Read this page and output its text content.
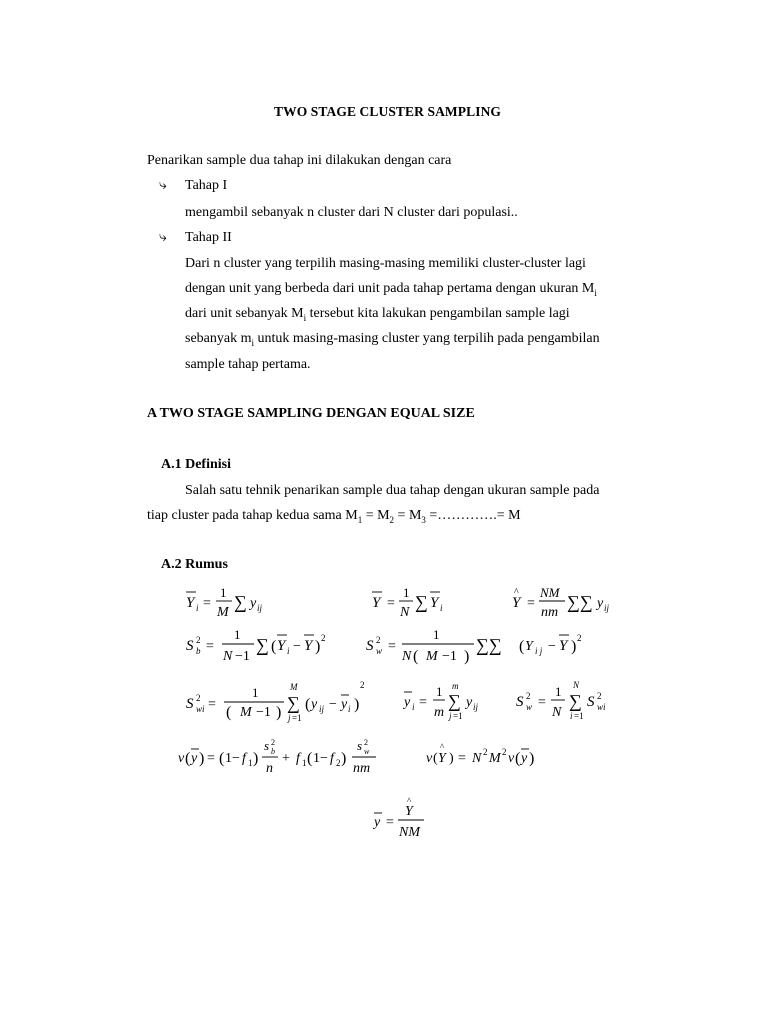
TWO STAGE CLUSTER SAMPLING
Penarikan sample dua tahap ini dilakukan dengan cara
⤷ Tahap I
mengambil sebanyak n cluster dari N cluster dari populasi..
⤷ Tahap II
Dari n cluster yang terpilih masing-masing memiliki cluster-cluster lagi
dengan unit yang berbeda dari unit pada tahap pertama dengan ukuran $M_i$
dari unit sebanyak $M_i$ tersebut kita lakukan pengambilan sample lagi
sebanyak $m_i$ untuk masing-masing cluster yang terpilih pada pengambilan
sample tahap pertama.
A TWO STAGE SAMPLING DENGAN EQUAL SIZE
A.1 Definisi
Salah satu tehnik penarikan sample dua tahap dengan ukuran sample pada
tiap cluster pada tahap kedua sama $M_1 = M_2 = M_3$ =………….= M
A.2 Rumus
Y i =
1
M
∑ y ij	Y =
1
N
∑ Y i	Y
^
=
NM
nm
∑∑ y ij
S 2
b =
1
N −1
∑ ( Y i − Y ) 2	S 2
w =
1
N ( M −1 )
∑∑ ( Y i j − Y ) 2
S 2
wi =
1
( M −1 )
M
∑
j =1
( y ij − y i )
2
y i =
1
m
m
∑
j =1
y ij	S 2
w =
1
N
N
∑
i =1
S 2
wi
v ( y ) = ( 1− f 1 )
s 2
b
n
+ f 1 ( 1− f 2 )
s 2
w
nm
v ( Y
^
) = N 2 M 2 v ( y )
y =
Y
^
NM
